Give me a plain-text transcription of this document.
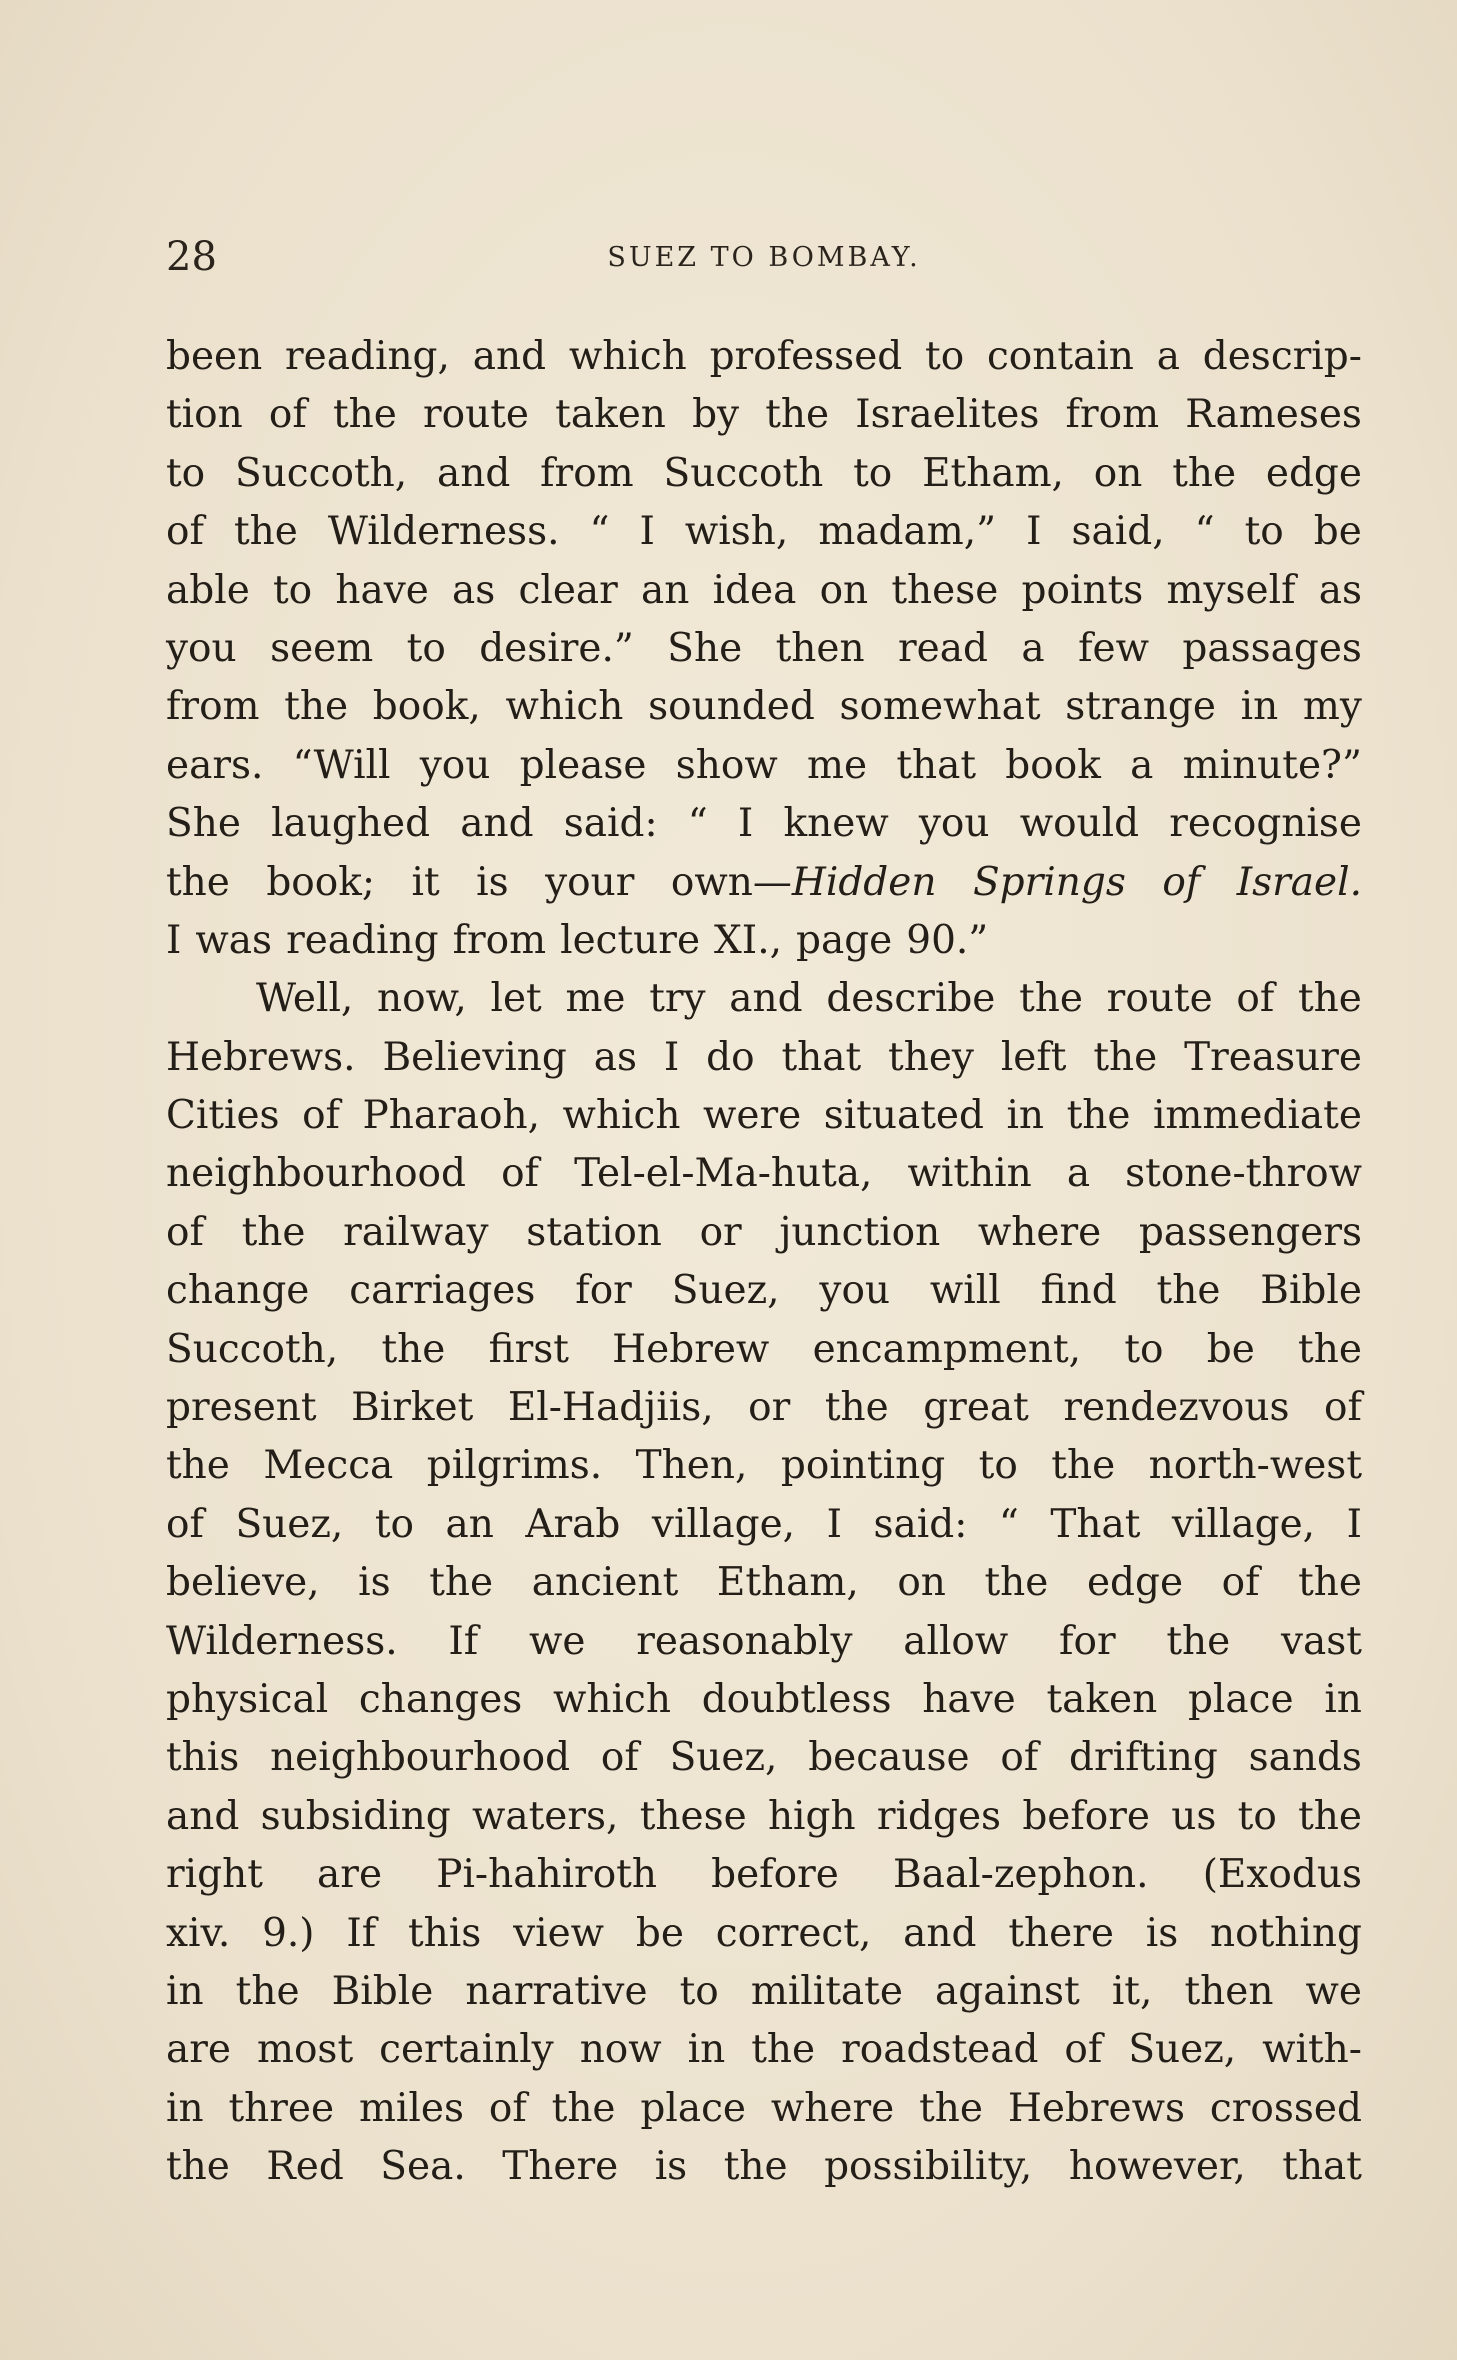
28	SUEZ TO BOMBAY.
been reading, and which professed to contain a descrip-
tion of the route taken by the Israelites from Rameses
to Succoth, and from Succoth to Etham, on the edge
of the Wilderness. “ I wish, madam,” I said, “ to be
able to have as clear an idea on these points myself as
you seem to desire.” She then read a few passages
from the book, which sounded somewhat strange in my
ears. “Will you please show me that book a minute?”
She laughed and said: “ I knew you would recognise
the book; it is your own—Hidden Springs of Israel.
I was reading from lecture XI., page 90.”
Well, now, let me try and describe the route of the
Hebrews. Believing as I do that they left the Treasure
Cities of Pharaoh, which were situated in the immediate
neighbourhood of Tel-el-Ma-huta, within a stone-throw
of the railway station or junction where passengers
change carriages for Suez, you will find the Bible
Succoth, the first Hebrew encampment, to be the
present Birket El-Hadjiis, or the great rendezvous of
the Mecca pilgrims. Then, pointing to the north-west
of Suez, to an Arab village, I said: “ That village, I
believe, is the ancient Etham, on the edge of the
Wilderness. If we reasonably allow for the vast
physical changes which doubtless have taken place in
this neighbourhood of Suez, because of drifting sands
and subsiding waters, these high ridges before us to the
right are Pi-hahiroth before Baal-zephon. (Exodus
xiv. 9.) If this view be correct, and there is nothing
in the Bible narrative to militate against it, then we
are most certainly now in the roadstead of Suez, with-
in three miles of the place where the Hebrews crossed
the Red Sea. There is the possibility, however, that
